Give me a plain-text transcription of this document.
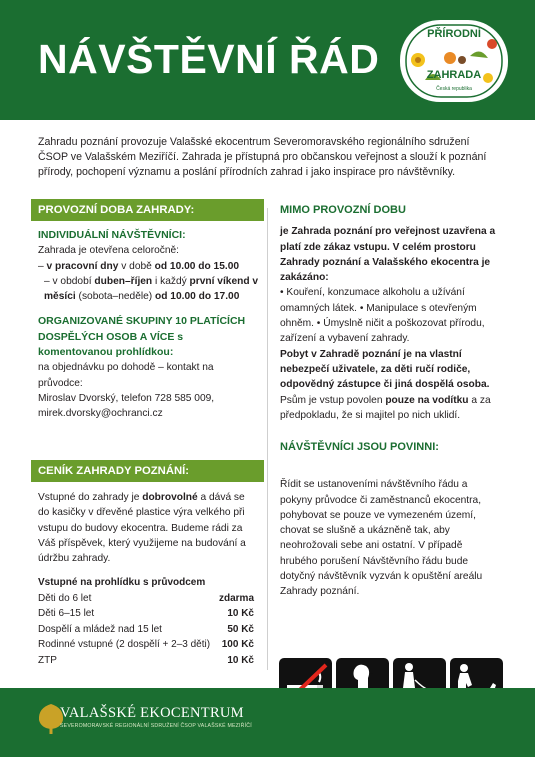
NÁVŠTĚVNÍ ŘÁD
PŘÍRODNÍ
ZAHRADA
Česká republika
Zahradu poznání provozuje Valašské ekocentrum Severomoravského regionálního sdružení ČSOP ve Valašském Meziříčí. Zahrada je přístupná pro občanskou veřejnost a slouží k poznání přírody, pochopení významu a poslání přírodních zahrad i jako inspirace pro návštěvníky.
PROVOZNÍ DOBA ZAHRADY:

INDIVIDUÁLNÍ NÁVŠTĚVNÍCI:

Zahrada je otevřena celoročně:

– v pracovní dny v době od 10.00 do 15.00

– v období duben–říjen i každý první víkend v měsíci (sobota–neděle) od 10.00 do 17.00

ORGANIZOVANÉ SKUPINY 10 PLATÍCÍCH DOSPĚLÝCH OSOB A VÍCE s komentovanou prohlídkou:

na objednávku po dohodě – kontakt na průvodce:

Miroslav Dvorský, telefon 728 585 009,

mirek.dvorsky@ochranci.cz

CENÍK ZAHRADY POZNÁNÍ:

Vstupné do zahrady je dobrovolné a dává se do kasičky v dřevěné plastice výra velkého při vstupu do budovy ekocentra. Budeme rádi za Váš příspěvek, který využijeme na budování a údržbu zahrady.

Vstupné na prohlídku s průvodcem

Děti do 6 let	zdarma
Děti 6–15 let	10 Kč
Dospělí a mládež nad 15 let	50 Kč
Rodinné vstupné (2 dospělí + 2–3 děti) 100 Kč
ZTP	10 Kč

MIMO PROVOZNÍ DOBU

je Zahrada poznání pro veřejnost uzavřena a platí zde zákaz vstupu. V celém prostoru Zahrady poznání a Valašského ekocentra je zakázáno:

• Kouření, konzumace alkoholu a užívání omamných látek. • Manipulace s otevřeným ohněm. • Úmyslně ničit a poškozovat přírodu, zařízení a vybavení zahrady.

Pobyt v Zahradě poznání je na vlastní nebezpečí uživatele, za děti ručí rodiče, odpovědný zástupce či jiná dospělá osoba. Psům je vstup povolen pouze na vodítku a za předpokladu, že si majitel po nich uklidí.

NÁVŠTĚVNÍCI JSOU POVINNI:

Řídit se ustanoveními návštěvního řádu a pokyny průvodce či zaměstnanců ekocentra, pohybovat se pouze ve vymezeném území, chovat se slušně a ukázněně tak, aby neohrožovali sebe ani ostatní. V případě hrubého porušení Návštěvního řádu bude dotyčný návštěvník vyzván k opuštění areálu Zahrady poznání.

VALAŠSKÉ EKOCENTRUM
SEVEROMORAVSKÉ REGIONÁLNÍ SDRUŽENÍ ČSOP VALAŠSKÉ MEZIŘÍČÍ
